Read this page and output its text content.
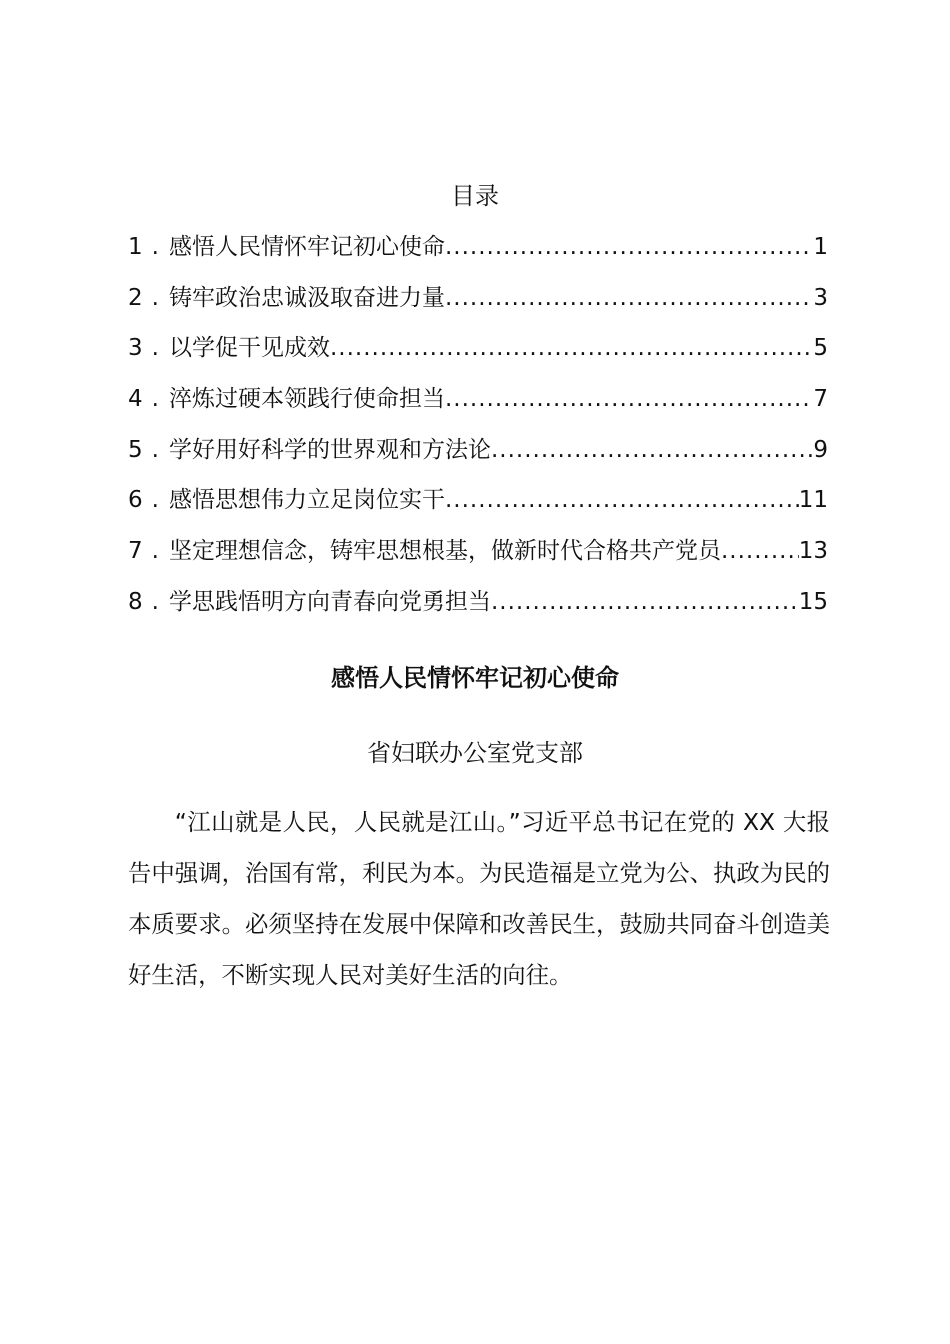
目录
1 . 感悟人民情怀牢记初心使命 .....	1
2 . 铸牢政治忠诚汲取奋进力量 .....	3
3 . 以学促干见成效 .....	5
4 . 淬炼过硬本领践行使命担当 .....	7
5 . 学好用好科学的世界观和方法论 .....	9
6 . 感悟思想伟力立足岗位实干 .....	11
7 . 坚定理想信念，铸牢思想根基，做新时代合格共产党员 .....	13
8 . 学思践悟明方向青春向党勇担当 .....	15
感悟人民情怀牢记初心使命
省妇联办公室党支部

“江山就是人民，人民就是江山。”习近平总书记在党的 XX 大报告中强调，治国有常，利民为本。为民造福是立党为公、执政为民的本质要求。必须坚持在发展中保障和改善民生，鼓励共同奋斗创造美好生活，不断实现人民对美好生活的向往。
